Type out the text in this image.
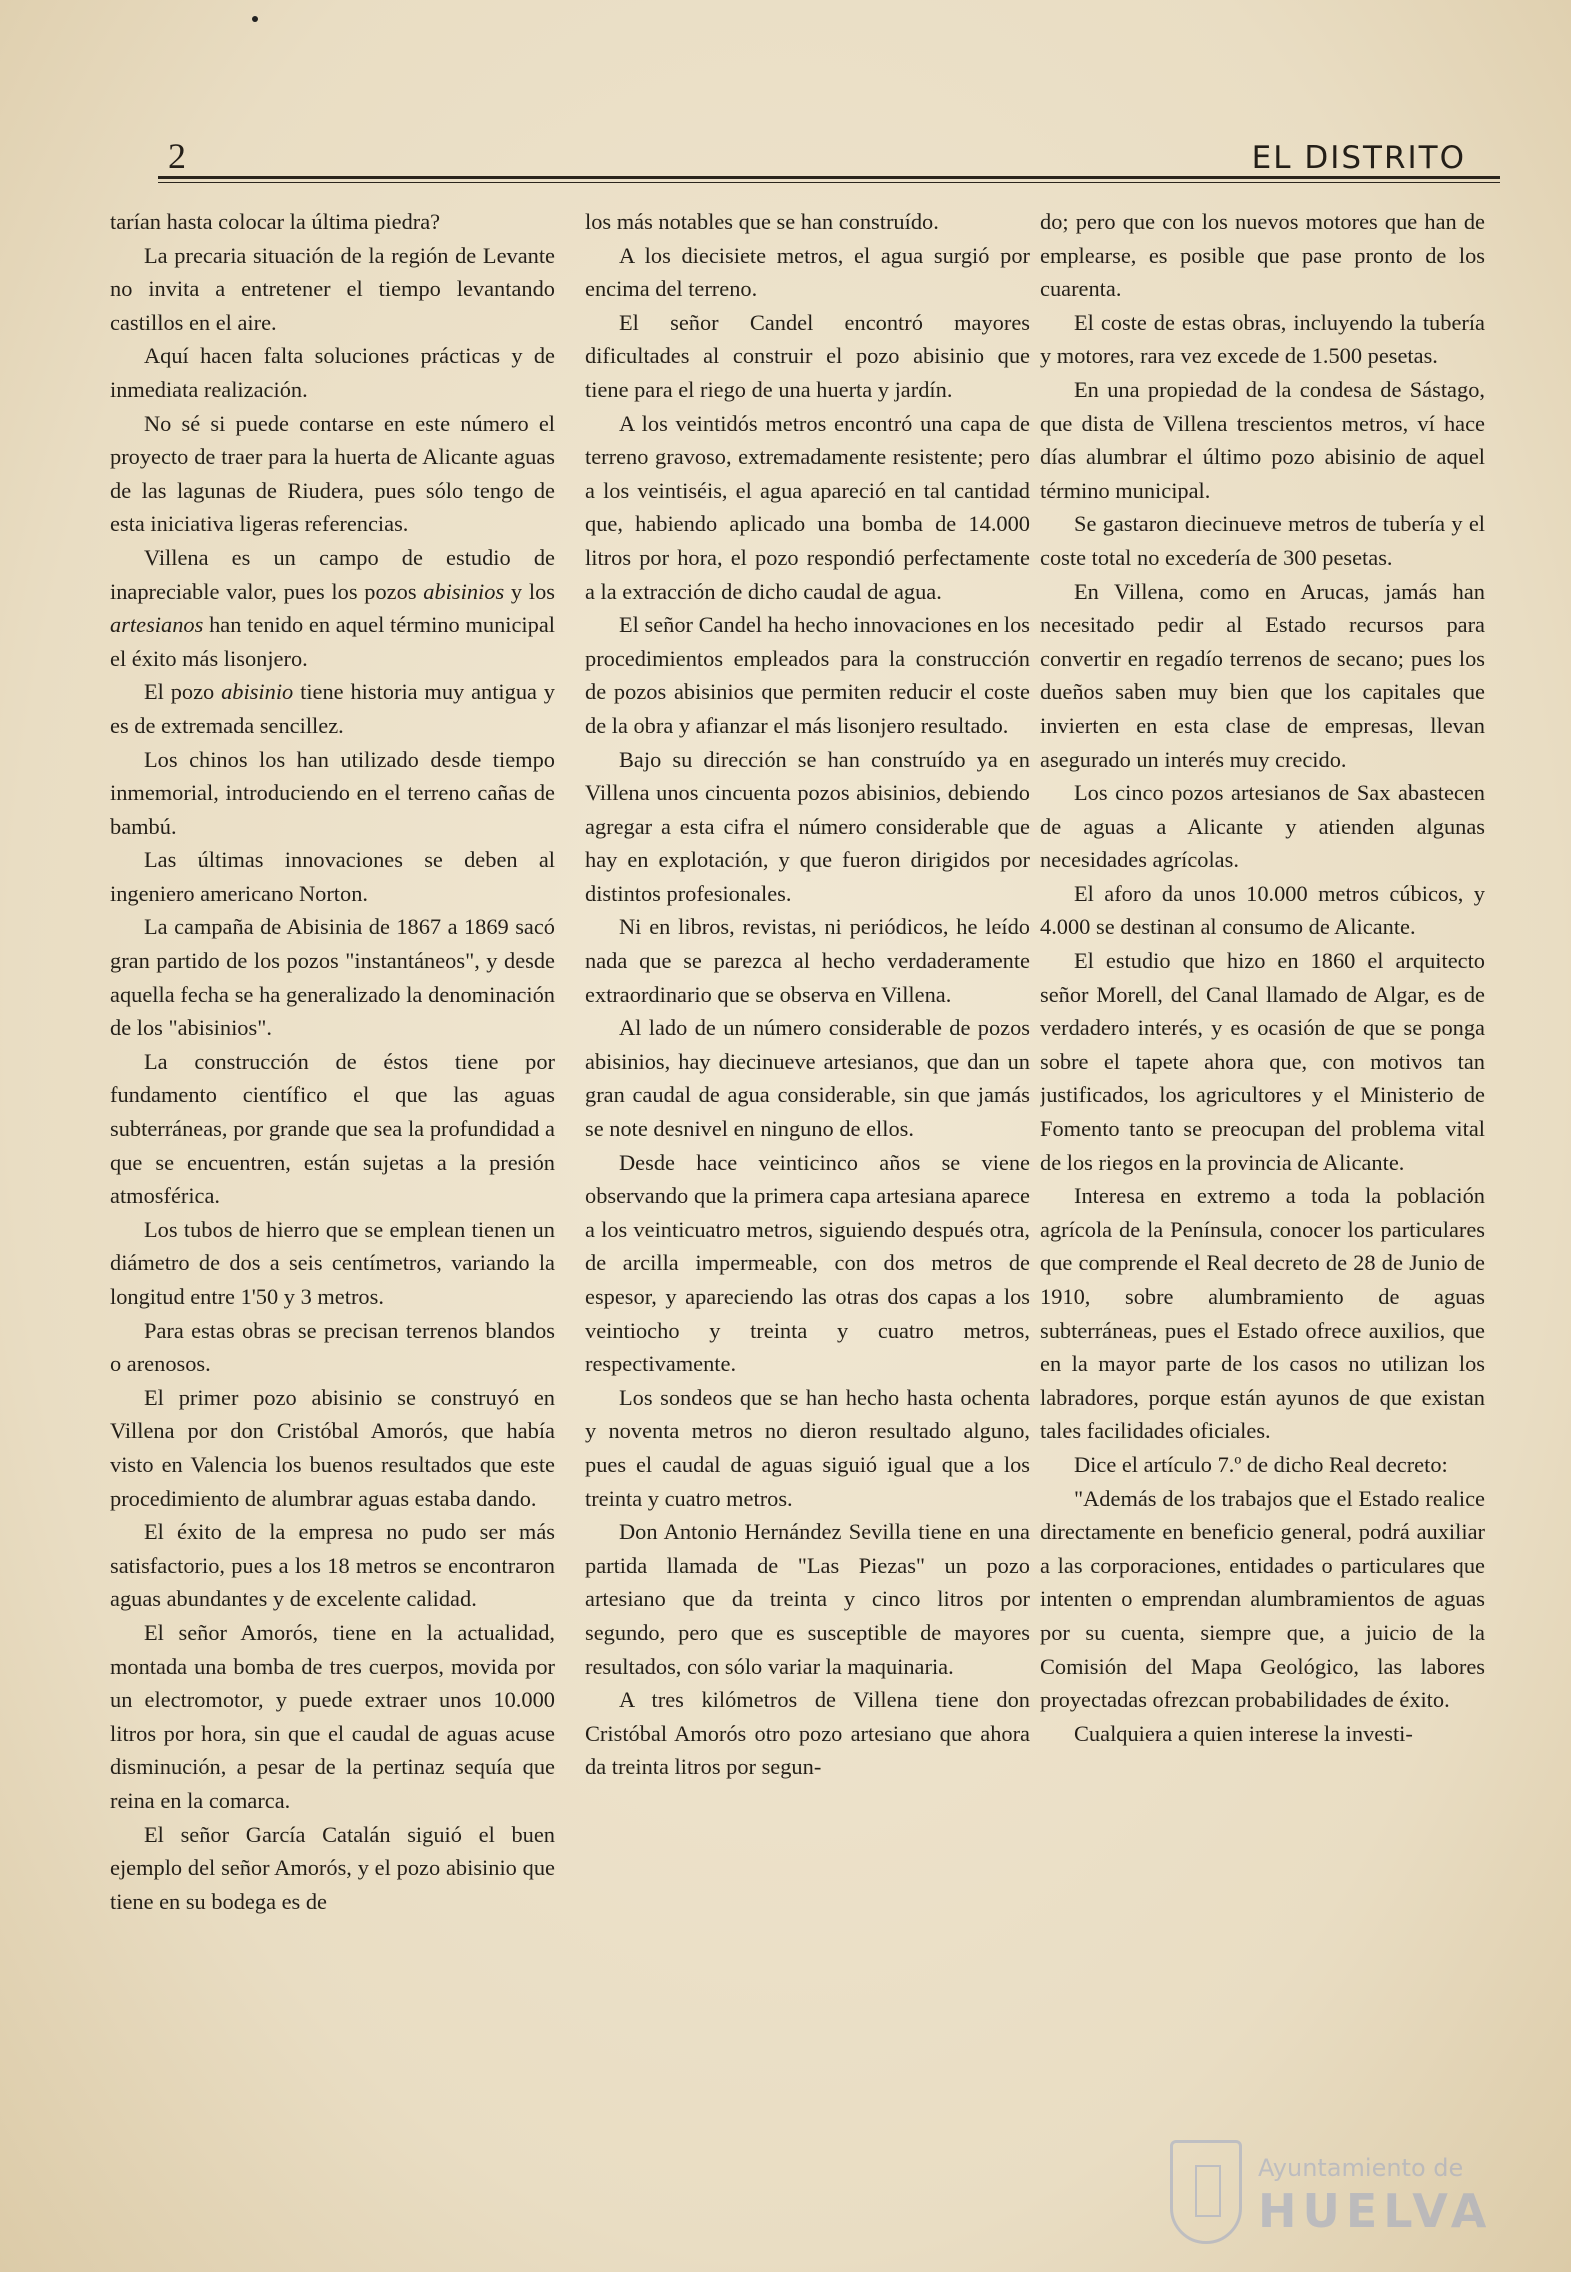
2	EL DISTRITO

tarían hasta colocar la última piedra?

La precaria situación de la región de Levante no invita a entretener el tiempo levantando castillos en el aire.

Aquí hacen falta soluciones prácticas y de inmediata realización.

No sé si puede contarse en este número el proyecto de traer para la huerta de Alicante aguas de las lagunas de Riudera, pues sólo tengo de esta iniciativa ligeras referencias.

Villena es un campo de estudio de inapreciable valor, pues los pozos abisinios y los artesianos han tenido en aquel término municipal el éxito más lisonjero.

El pozo abisinio tiene historia muy antigua y es de extremada sencillez.

Los chinos los han utilizado desde tiempo inmemorial, introduciendo en el terreno cañas de bambú.

Las últimas innovaciones se deben al ingeniero americano Norton.

La campaña de Abisinia de 1867 a 1869 sacó gran partido de los pozos "instantáneos", y desde aquella fecha se ha generalizado la denominación de los "abisinios".

La construcción de éstos tiene por fundamento científico el que las aguas subterráneas, por grande que sea la profundidad a que se encuentren, están sujetas a la presión atmosférica.

Los tubos de hierro que se emplean tienen un diámetro de dos a seis centímetros, variando la longitud entre 1'50 y 3 metros.

Para estas obras se precisan terrenos blandos o arenosos.

El primer pozo abisinio se construyó en Villena por don Cristóbal Amorós, que había visto en Valencia los buenos resultados que este procedimiento de alumbrar aguas estaba dando.

El éxito de la empresa no pudo ser más satisfactorio, pues a los 18 metros se encontraron aguas abundantes y de excelente calidad.

El señor Amorós, tiene en la actualidad, montada una bomba de tres cuerpos, movida por un electromotor, y puede extraer unos 10.000 litros por hora, sin que el caudal de aguas acuse disminución, a pesar de la pertinaz sequía que reina en la comarca.

El señor García Catalán siguió el buen ejemplo del señor Amorós, y el pozo abisinio que tiene en su bodega es de

los más notables que se han construído.

A los diecisiete metros, el agua surgió por encima del terreno.

El señor Candel encontró mayores dificultades al construir el pozo abisinio que tiene para el riego de una huerta y jardín.

A los veintidós metros encontró una capa de terreno gravoso, extremadamente resistente; pero a los veintiséis, el agua apareció en tal cantidad que, habiendo aplicado una bomba de 14.000 litros por hora, el pozo respondió perfectamente a la extracción de dicho caudal de agua.

El señor Candel ha hecho innovaciones en los procedimientos empleados para la construcción de pozos abisinios que permiten reducir el coste de la obra y afianzar el más lisonjero resultado.

Bajo su dirección se han construído ya en Villena unos cincuenta pozos abisinios, debiendo agregar a esta cifra el número considerable que hay en explotación, y que fueron dirigidos por distintos profesionales.

Ni en libros, revistas, ni periódicos, he leído nada que se parezca al hecho verdaderamente extraordinario que se observa en Villena.

Al lado de un número considerable de pozos abisinios, hay diecinueve artesianos, que dan un gran caudal de agua considerable, sin que jamás se note desnivel en ninguno de ellos.

Desde hace veinticinco años se viene observando que la primera capa artesiana aparece a los veinticuatro metros, siguiendo después otra, de arcilla impermeable, con dos metros de espesor, y apareciendo las otras dos capas a los veintiocho y treinta y cuatro metros, respectivamente.

Los sondeos que se han hecho hasta ochenta y noventa metros no dieron resultado alguno, pues el caudal de aguas siguió igual que a los treinta y cuatro metros.

Don Antonio Hernández Sevilla tiene en una partida llamada de "Las Piezas" un pozo artesiano que da treinta y cinco litros por segundo, pero que es susceptible de mayores resultados, con sólo variar la maquinaria.

A tres kilómetros de Villena tiene don Cristóbal Amorós otro pozo artesiano que ahora da treinta litros por segun-

do; pero que con los nuevos motores que han de emplearse, es posible que pase pronto de los cuarenta.

El coste de estas obras, incluyendo la tubería y motores, rara vez excede de 1.500 pesetas.

En una propiedad de la condesa de Sástago, que dista de Villena trescientos metros, ví hace días alumbrar el último pozo abisinio de aquel término municipal.

Se gastaron diecinueve metros de tubería y el coste total no excedería de 300 pesetas.

En Villena, como en Arucas, jamás han necesitado pedir al Estado recursos para convertir en regadío terrenos de secano; pues los dueños saben muy bien que los capitales que invierten en esta clase de empresas, llevan asegurado un interés muy crecido.

Los cinco pozos artesianos de Sax abastecen de aguas a Alicante y atienden algunas necesidades agrícolas.

El aforo da unos 10.000 metros cúbicos, y 4.000 se destinan al consumo de Alicante.

El estudio que hizo en 1860 el arquitecto señor Morell, del Canal llamado de Algar, es de verdadero interés, y es ocasión de que se ponga sobre el tapete ahora que, con motivos tan justificados, los agricultores y el Ministerio de Fomento tanto se preocupan del problema vital de los riegos en la provincia de Alicante.

Interesa en extremo a toda la población agrícola de la Península, conocer los particulares que comprende el Real decreto de 28 de Junio de 1910, sobre alumbramiento de aguas subterráneas, pues el Estado ofrece auxilios, que en la mayor parte de los casos no utilizan los labradores, porque están ayunos de que existan tales facilidades oficiales.

Dice el artículo 7.º de dicho Real decreto:

"Además de los trabajos que el Estado realice directamente en beneficio general, podrá auxiliar a las corporaciones, entidades o particulares que intenten o emprendan alumbramientos de aguas por su cuenta, siempre que, a juicio de la Comisión del Mapa Geológico, las labores proyectadas ofrezcan probabilidades de éxito.

Cualquiera a quien interese la investi-

Ayuntamiento de
HUELVA
